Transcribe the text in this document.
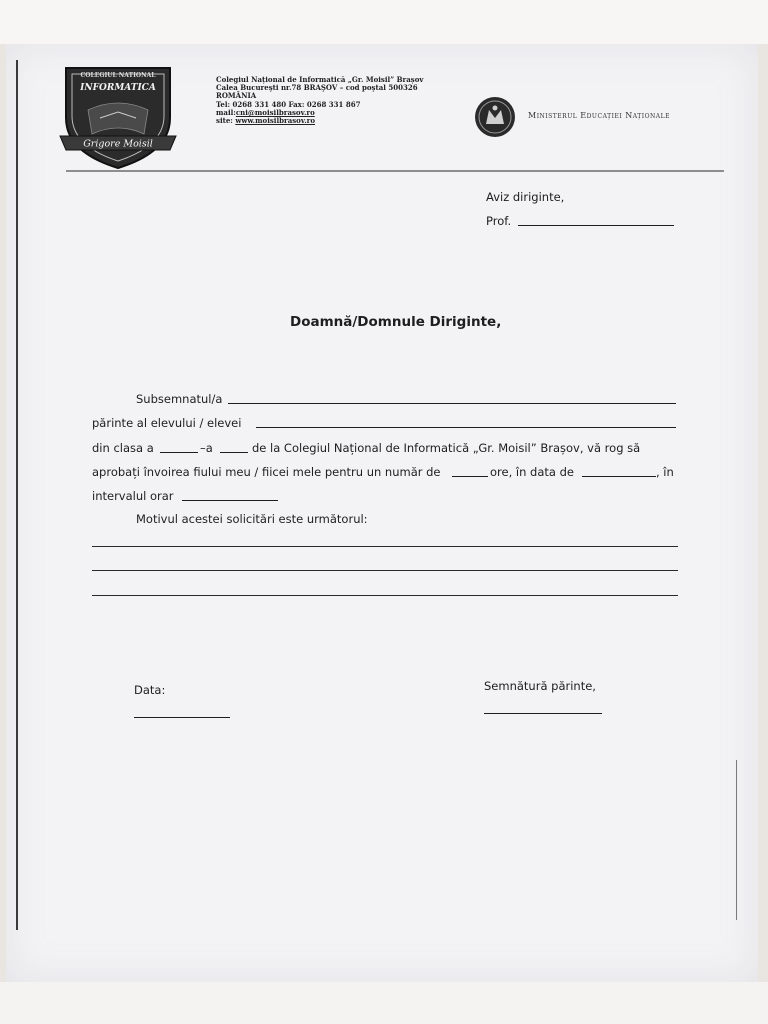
COLEGIUL NATIONAL
INFORMATICA
Grigore Moisil
Colegiul Național de Informatică „Gr. Moisil” Brașov
Calea Bucureşti nr.78 BRAŞOV – cod poştal 500326
ROMÂNIA
Tel: 0268 331 480 Fax: 0268 331 867
mail:cni@moisilbrasov.ro
site: www.moisilbrasov.ro
Ministerul Educației Naționale
Aviz diriginte,
Prof.
Doamnă/Domnule Diriginte,
Subsemnatul/a
părinte al elevului / elevei
din clasa a	–a	de la Colegiul Național de Informatică „Gr. Moisil” Brașov, vă rog să
aprobați învoirea fiului meu / fiicei mele pentru un număr de	ore, în data de	, în
intervalul orar
Motivul acestei solicitări este următorul:
Data:	Semnătură părinte,
